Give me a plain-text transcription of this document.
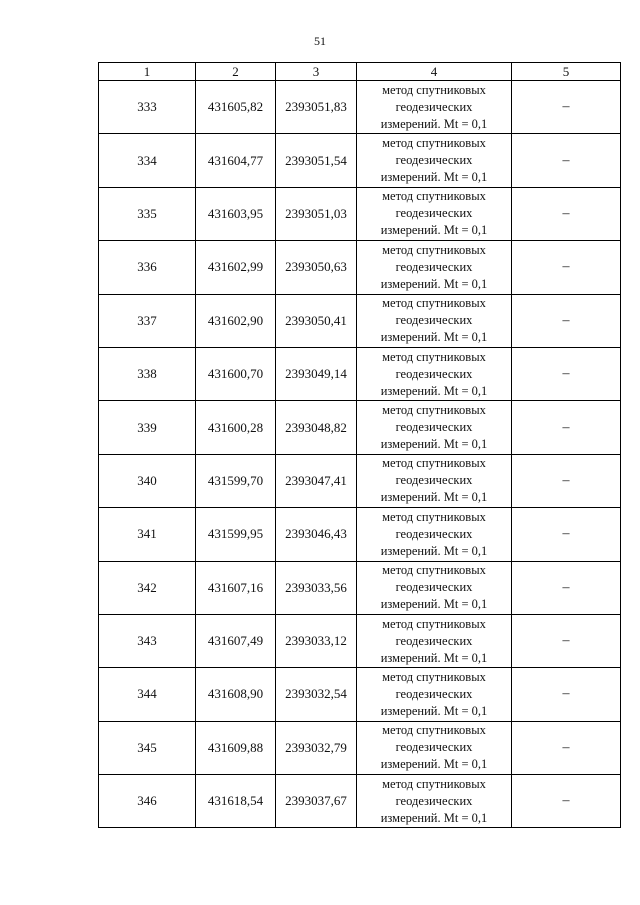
51
1	2	3	4	5
333	431605,82	2393051,83	метод спутниковых
геодезических
измерений. Mt = 0,1	–
334	431604,77	2393051,54	метод спутниковых
геодезических
измерений. Mt = 0,1	–
335	431603,95	2393051,03	метод спутниковых
геодезических
измерений. Mt = 0,1	–
336	431602,99	2393050,63	метод спутниковых
геодезических
измерений. Mt = 0,1	–
337	431602,90	2393050,41	метод спутниковых
геодезических
измерений. Mt = 0,1	–
338	431600,70	2393049,14	метод спутниковых
геодезических
измерений. Mt = 0,1	–
339	431600,28	2393048,82	метод спутниковых
геодезических
измерений. Mt = 0,1	–
340	431599,70	2393047,41	метод спутниковых
геодезических
измерений. Mt = 0,1	–
341	431599,95	2393046,43	метод спутниковых
геодезических
измерений. Mt = 0,1	–
342	431607,16	2393033,56	метод спутниковых
геодезических
измерений. Mt = 0,1	–
343	431607,49	2393033,12	метод спутниковых
геодезических
измерений. Mt = 0,1	–
344	431608,90	2393032,54	метод спутниковых
геодезических
измерений. Mt = 0,1	–
345	431609,88	2393032,79	метод спутниковых
геодезических
измерений. Mt = 0,1	–
346	431618,54	2393037,67	метод спутниковых
геодезических
измерений. Mt = 0,1	–
